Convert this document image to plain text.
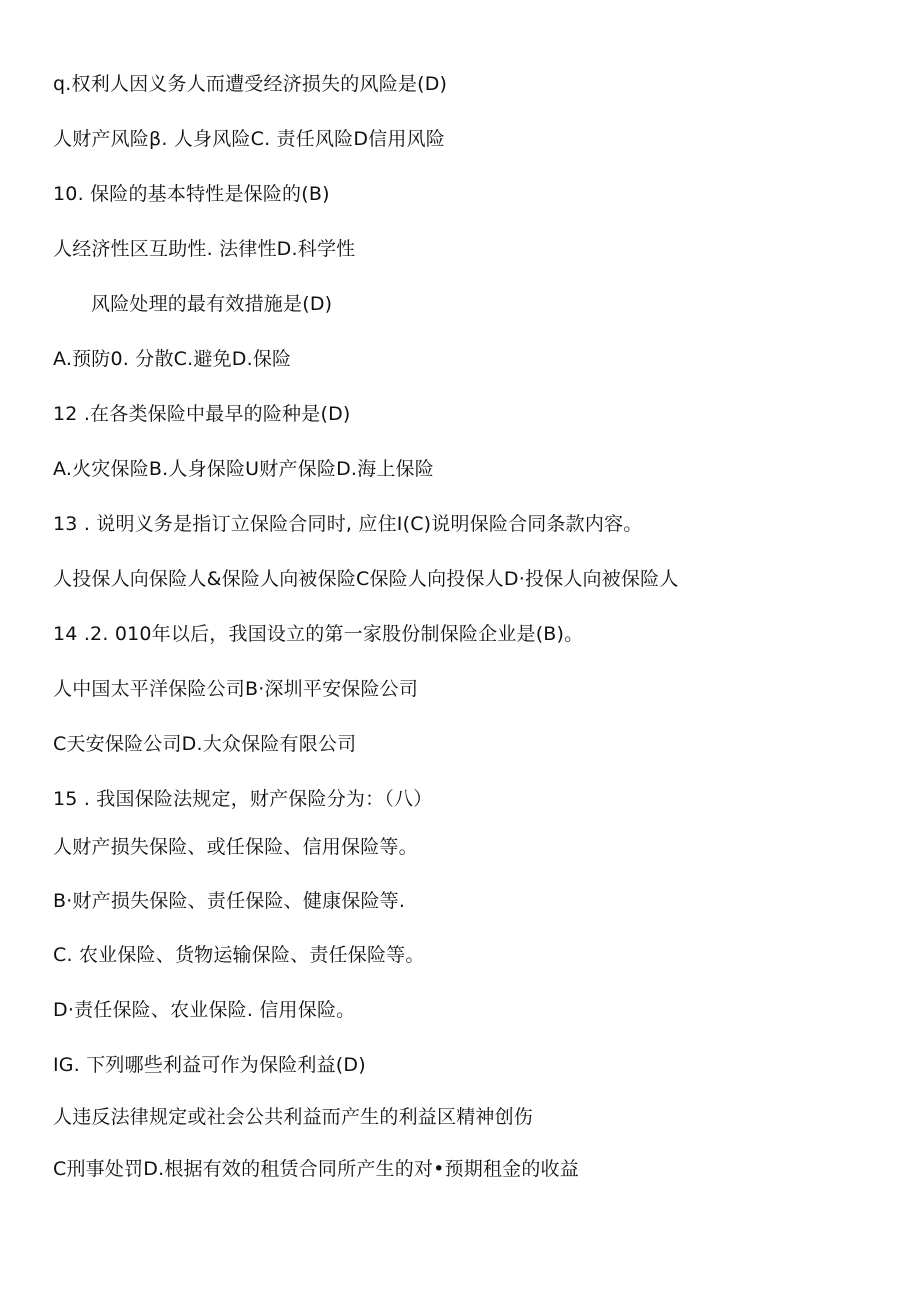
q.权利人因义务人而遭受经济损失的风险是(D)
人财产风险β. 人身风险C. 责任风险D信用风险
10. 保险的基本特性是保险的(B)
人经济性区互助性. 法律性D.科学性
风险处理的最有效措施是(D)
A.预防0. 分散C.避免D.保险
12 .在各类保险中最早的险种是(D)
A.火灾保险B.人身保险U财产保险D.海上保险
13 . 说明义务是指订立保险合同时, 应住I(C)说明保险合同条款内容。
人投保人向保险人&保险人向被保险C保险人向投保人D·投保人向被保险人
14 .2. 010年以后，我国设立的第一家股份制保险企业是(B)。
人中国太平洋保险公司B·深圳平安保险公司
C天安保险公司D.大众保险有限公司
15 . 我国保险法规定，财产保险分为：（八）
人财产损失保险、或任保险、信用保险等。
B·财产损失保险、责任保险、健康保险等.
C. 农业保险、货物运输保险、责任保险等。
D·责任保险、农业保险. 信用保险。
IG. 下列哪些利益可作为保险利益(D)
人违反法律规定或社会公共利益而产生的利益区精神创伤
C刑事处罚D.根据有效的租赁合同所产生的对•预期租金的收益
